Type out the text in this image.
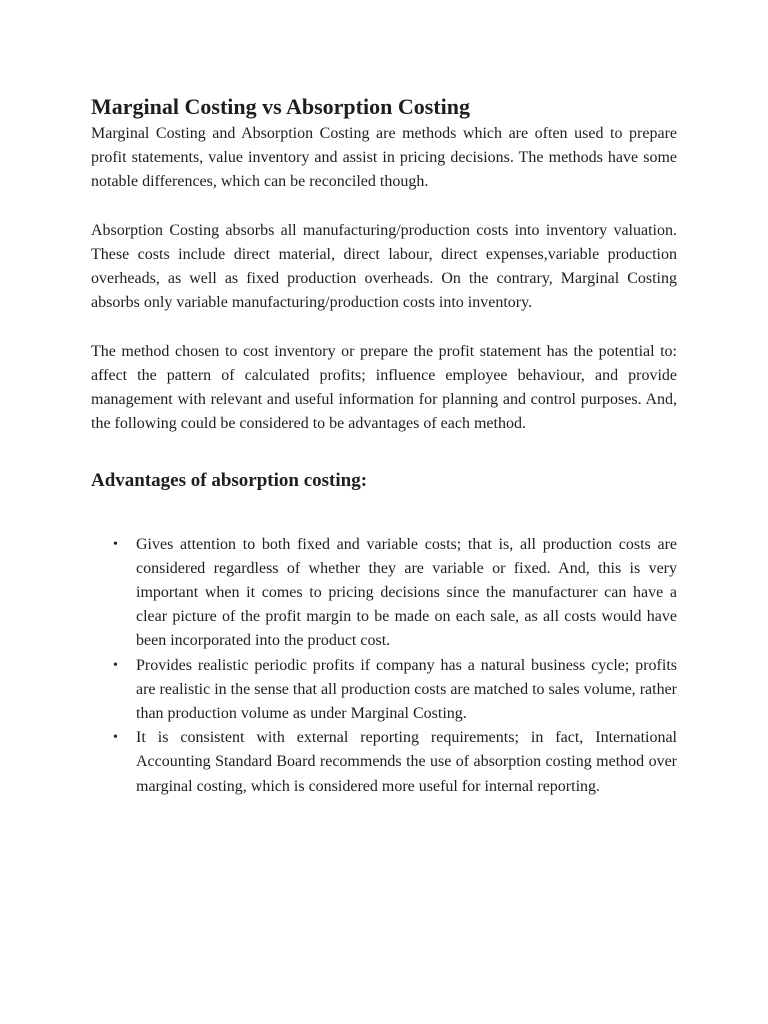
Marginal Costing vs Absorption Costing

Marginal Costing and Absorption Costing are methods which are often used to prepare profit statements, value inventory and assist in pricing decisions. The methods have some notable differences, which can be reconciled though.

Absorption Costing absorbs all manufacturing/production costs into inventory valuation. These costs include direct material, direct labour, direct expenses,variable production overheads, as well as fixed production overheads. On the contrary, Marginal Costing absorbs only variable manufacturing/production costs into inventory.

The method chosen to cost inventory or prepare the profit statement has the potential to: affect the pattern of calculated profits; influence employee behaviour, and provide management with relevant and useful information for planning and control purposes. And, the following could be considered to be advantages of each method.

Advantages of absorption costing:
• Gives attention to both fixed and variable costs; that is, all production costs are considered regardless of whether they are variable or fixed. And, this is very important when it comes to pricing decisions since the manufacturer can have a clear picture of the profit margin to be made on each sale, as all costs would have been incorporated into the product cost.
• Provides realistic periodic profits if company has a natural business cycle; profits are realistic in the sense that all production costs are matched to sales volume, rather than production volume as under Marginal Costing.
• It is consistent with external reporting requirements; in fact, International Accounting Standard Board recommends the use of absorption costing method over marginal costing, which is considered more useful for internal reporting.
